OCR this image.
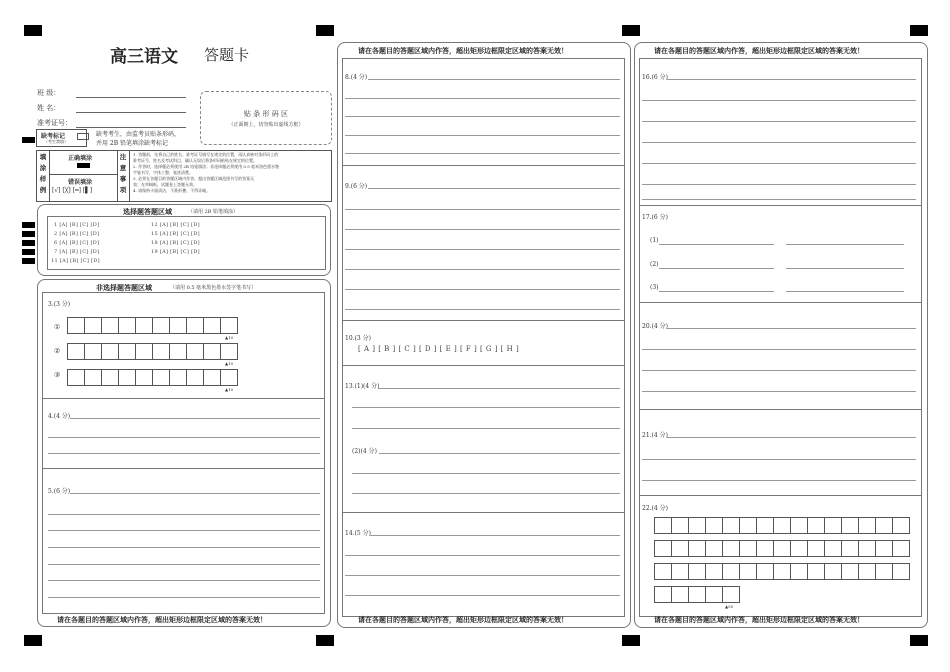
高三语文 答题卡
班 级：
姓 名：
准考证号：
贴 条 形 码 区
（正面朝上，切勿贴出虚线方框）
缺考标记
（考生禁填）
缺考考生，由监考员贴条形码，
并用 2B 铅笔填涂缺考标记
填
涂
样
例
正确填涂
错误填涂
[√] [╳] [━] [▌]
注
意
事
项
1. 答题前，先将自己的姓名、准考证号填写在规定的位置，再认真核对条形码上的
准考证号、姓名及考试科目，确认无误后将条形码粘贴在规定的位置。
2. 作答时，选择题必须使用 2B 铅笔填涂；非选择题必须使用 0.5 毫米黑色墨水签
字笔书写，字体工整、笔迹清楚。
3. 必须在各题目的答题区域内作答，超出答题区域范围书写的答案无
效；在草稿纸、试题卷上答题无效。
4. 请保持卡面清洁，不准折叠、不得弄破。
选择题答题区域	（请用 2B 铅笔填涂）
1 [A] [B] [C] [D]
2 [A] [B] [C] [D]
6 [A] [B] [C] [D]
7 [A] [B] [C] [D]
11 [A] [B] [C] [D]
12 [A] [B] [C] [D]
15 [A] [B] [C] [D]
18 [A] [B] [C] [D]
19 [A] [B] [C] [D]
非选择题答题区域	（请用 0.5 毫米黑色墨水签字笔书写）
3.(3 分)
①
②
③
▲10
▲10
▲10
4.(4 分)
5.(6 分)
请在各题目的答题区域内作答，超出矩形边框限定区域的答案无效！
请在各题目的答题区域内作答，超出矩形边框限定区域的答案无效！
8.(4 分)
9.(6 分)
10.(3 分)
[ A ] [ B ] [ C ] [ D ] [ E ] [ F ] [ G ] [ H ]
13.(1)(4 分)
(2)(4 分)
14.(5 分)
请在各题目的答题区域内作答，超出矩形边框限定区域的答案无效！
请在各题目的答题区域内作答，超出矩形边框限定区域的答案无效！
16.(6 分)
17.(6 分)
(1)
(2)
(3)
20.(4 分)
21.(4 分)
22.(4 分)
▲50
请在各题目的答题区域内作答，超出矩形边框限定区域的答案无效！
